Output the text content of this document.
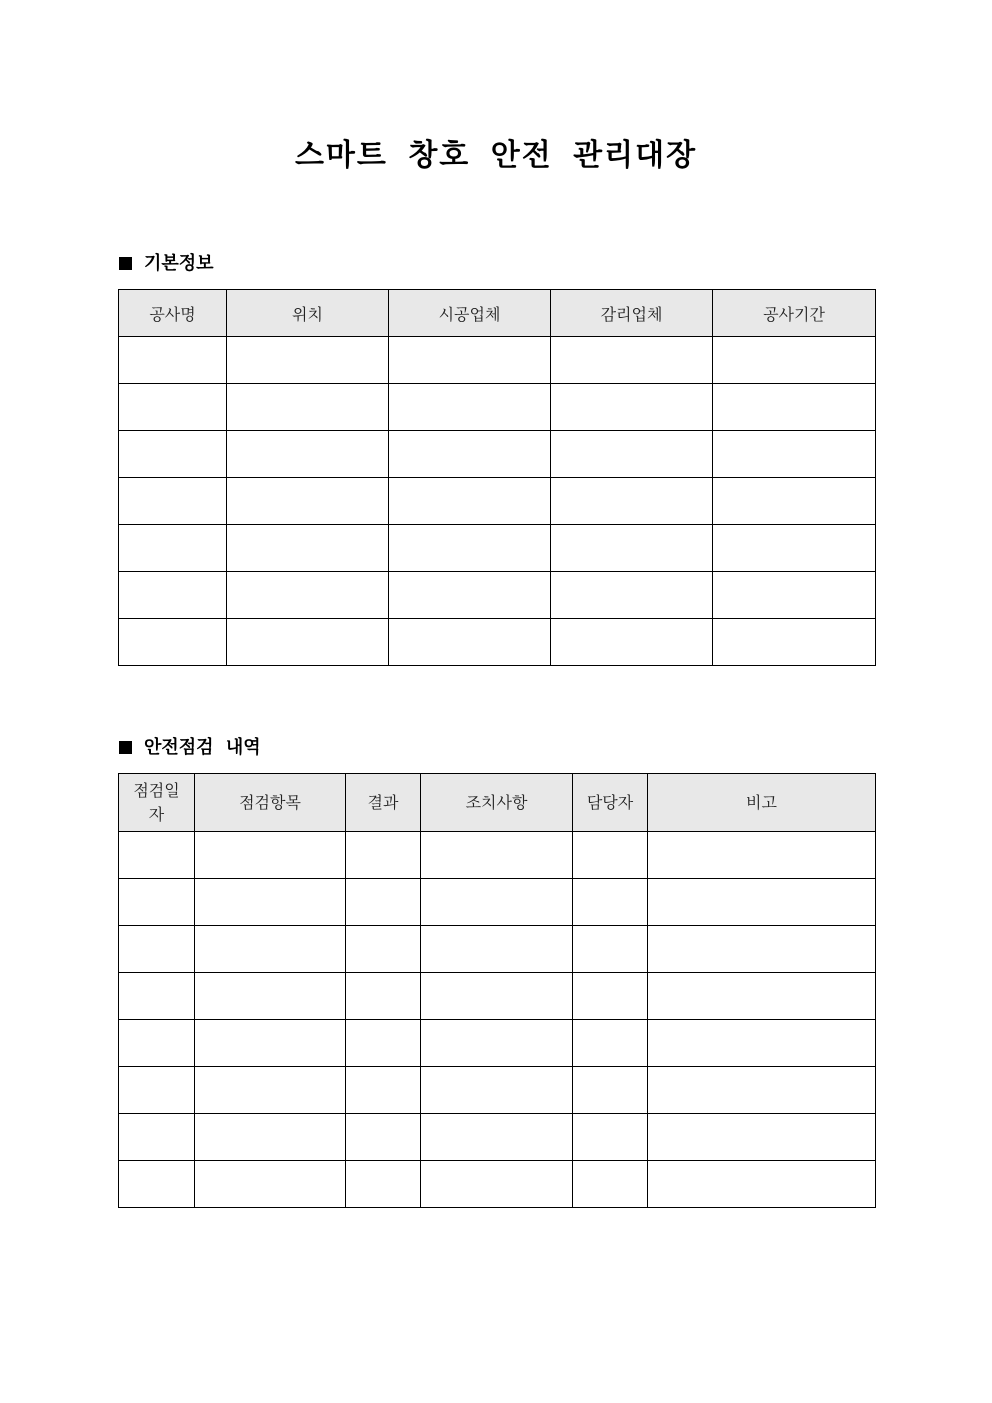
스마트 창호 안전 관리대장
기본정보
공사명	위치	시공업체	감리업체	공사기간

안전점검 내역
점검일자	점검항목	결과	조치사항	담당자	비고
